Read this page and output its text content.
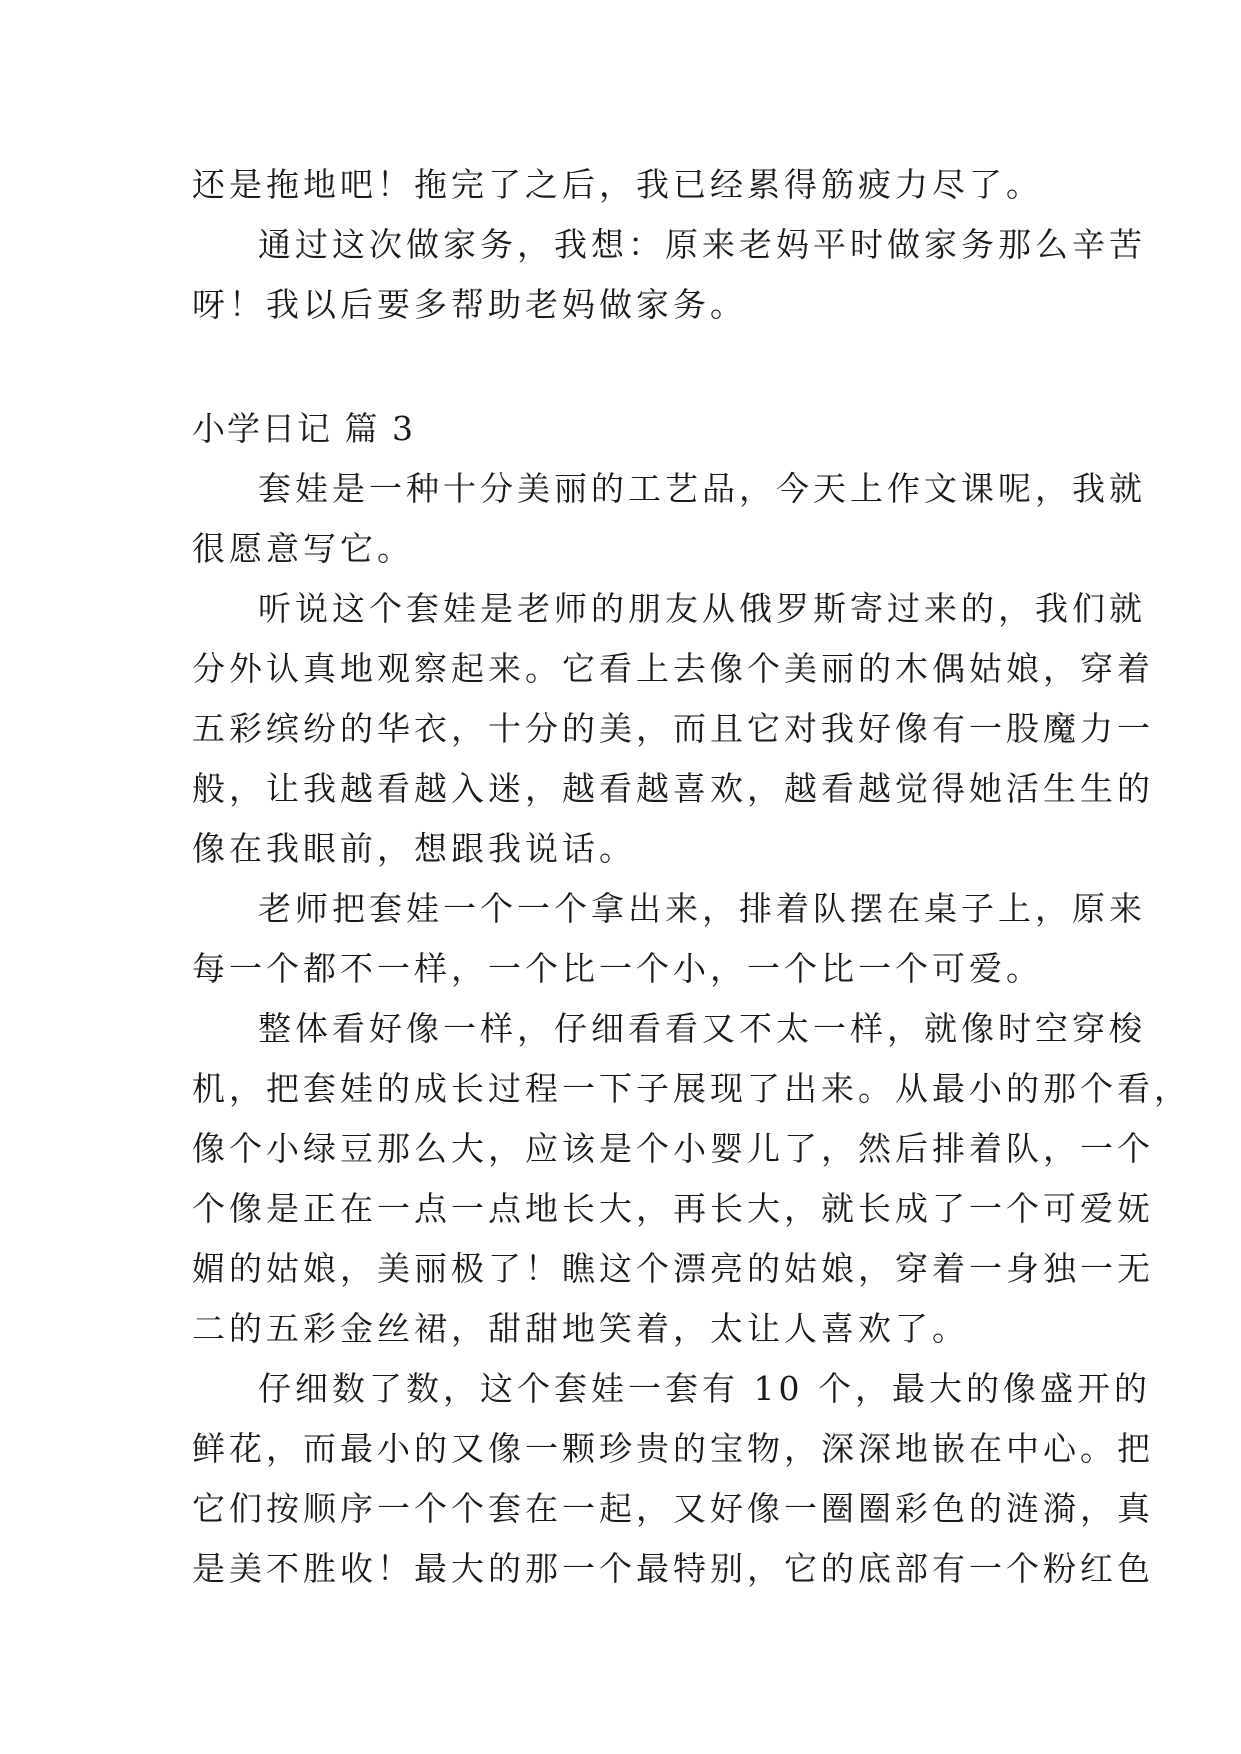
还是拖地吧！拖完了之后，我已经累得筋疲力尽了。
通过这次做家务，我想：原来老妈平时做家务那么辛苦
呀！我以后要多帮助老妈做家务。
小学日记 篇 3
套娃是一种十分美丽的工艺品，今天上作文课呢，我就
很愿意写它。
听说这个套娃是老师的朋友从俄罗斯寄过来的，我们就
分外认真地观察起来。它看上去像个美丽的木偶姑娘，穿着
五彩缤纷的华衣，十分的美，而且它对我好像有一股魔力一
般，让我越看越入迷，越看越喜欢，越看越觉得她活生生的
像在我眼前，想跟我说话。
老师把套娃一个一个拿出来，排着队摆在桌子上，原来
每一个都不一样，一个比一个小，一个比一个可爱。
整体看好像一样，仔细看看又不太一样，就像时空穿梭
机，把套娃的成长过程一下子展现了出来。从最小的那个看，
像个小绿豆那么大，应该是个小婴儿了，然后排着队，一个
个像是正在一点一点地长大，再长大，就长成了一个可爱妩
媚的姑娘，美丽极了！瞧这个漂亮的姑娘，穿着一身独一无
二的五彩金丝裙，甜甜地笑着，太让人喜欢了。
仔细数了数，这个套娃一套有 10 个，最大的像盛开的
鲜花，而最小的又像一颗珍贵的宝物，深深地嵌在中心。把
它们按顺序一个个套在一起，又好像一圈圈彩色的涟漪，真
是美不胜收！最大的那一个最特别，它的底部有一个粉红色
